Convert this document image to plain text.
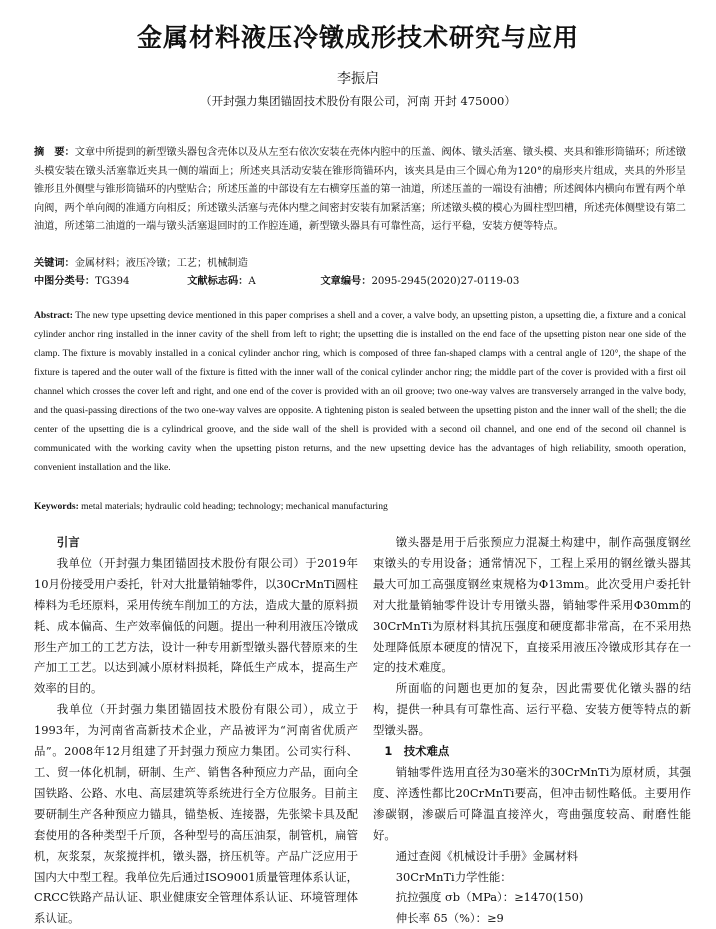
金属材料液压冷镦成形技术研究与应用
李振启
（开封强力集团锚固技术股份有限公司，河南 开封 475000）
摘　要：文章中所提到的新型镦头器包含壳体以及从左至右依次安装在壳体内腔中的压盖、阀体、镦头活塞、镦头模、夹具和锥形筒锚环；所述镦头模安装在镦头活塞靠近夹具一侧的端面上；所述夹具活动安装在锥形筒锚环内，该夹具是由三个圆心角为120°的扇形夹片组成，夹具的外形呈锥形且外侧壁与锥形筒锚环的内壁贴合；所述压盖的中部设有左右横穿压盖的第一油道，所述压盖的一端设有油槽；所述阀体内横向布置有两个单向阀，两个单向阀的准通方向相反；所述镦头活塞与壳体内壁之间密封安装有加紧活塞；所述镦头模的模心为圆柱型凹槽，所述壳体侧壁设有第二油道，所述第二油道的一端与镦头活塞退回时的工作腔连通，新型镦头器具有可靠性高，运行平稳，安装方便等特点。
关键词：金属材料；液压冷镦；工艺；机械制造
中图分类号：TG394	文献标志码：A	文章编号：2095-2945(2020)27-0119-03
Abstract: The new type upsetting device mentioned in this paper comprises a shell and a cover, a valve body, an upsetting piston, a upsetting die, a fixture and a conical cylinder anchor ring installed in the inner cavity of the shell from left to right; the upsetting die is installed on the end face of the upsetting piston near one side of the clamp. The fixture is movably installed in a conical cylinder anchor ring, which is composed of three fan-shaped clamps with a central angle of 120°, the shape of the fixture is tapered and the outer wall of the fixture is fitted with the inner wall of the conical cylinder anchor ring; the middle part of the cover is provided with a first oil channel which crosses the cover left and right, and one end of the cover is provided with an oil groove; two one-way valves are transversely arranged in the valve body, and the quasi-passing directions of the two one-way valves are opposite. A tightening piston is sealed between the upsetting piston and the inner wall of the shell; the die center of the upsetting die is a cylindrical groove, and the side wall of the shell is provided with a second oil channel, and one end of the second oil channel is communicated with the working cavity when the upsetting piston returns, and the new upsetting device has the advantages of high reliability, smooth operation, convenient installation and the like.
Keywords: metal materials; hydraulic cold heading; technology; mechanical manufacturing
引言

我单位（开封强力集团锚固技术股份有限公司）于2019年10月份接受用户委托，针对大批量销轴零件，以30CrMnTi圆柱棒料为毛坯原料，采用传统车削加工的方法，造成大量的原料损耗、成本偏高、生产效率偏低的问题。提出一种利用液压冷镦成形生产加工的工艺方法，设计一种专用新型镦头器代替原来的生产加工工艺。以达到减小原材料损耗，降低生产成本，提高生产效率的目的。

我单位（开封强力集团锚固技术股份有限公司），成立于1993年，为河南省高新技术企业，产品被评为“河南省优质产品”。2008年12月组建了开封强力预应力集团。公司实行科、工、贸一体化机制，研制、生产、销售各种预应力产品，面向全国铁路、公路、水电、高层建筑等系统进行全方位服务。目前主要研制生产各种预应力锚具，锚垫板、连接器，先张梁卡具及配套使用的各种类型千斤顶，各种型号的高压油泵，制管机，扁管机，灰浆泵，灰浆搅拌机，镦头器，挤压机等。产品广泛应用于国内大中型工程。我单位先后通过ISO9001质量管理体系认证，CRCC铁路产品认证、职业健康安全管理体系认证、环境管理体系认证。

镦头器是用于后张预应力混凝土构建中，制作高强度钢丝束镦头的专用设备；通常情况下，工程上采用的钢丝镦头器其最大可加工高强度钢丝束规格为Φ13mm。此次受用户委托针对大批量销轴零件设计专用镦头器，销轴零件采用Φ30mm的30CrMnTi为原材料其抗压强度和硬度都非常高，在不采用热处理降低原本硬度的情况下，直接采用液压冷镦成形其存在一定的技术难度。

所面临的问题也更加的复杂，因此需要优化镦头器的结构，提供一种具有可靠性高、运行平稳、安装方便等特点的新型镦头器。

1　技术难点

销轴零件选用直径为30毫米的30CrMnTi为原材质，其强度、淬透性都比20CrMnTi要高，但冲击韧性略低。主要用作渗碳钢，渗碳后可降温直接淬火，弯曲强度较高、耐磨性能好。

通过查阅《机械设计手册》金属材料

30CrMnTi力学性能：

抗拉强度 σb（MPa）：≥1470(150)

伸长率 δ5（%）：≥9
